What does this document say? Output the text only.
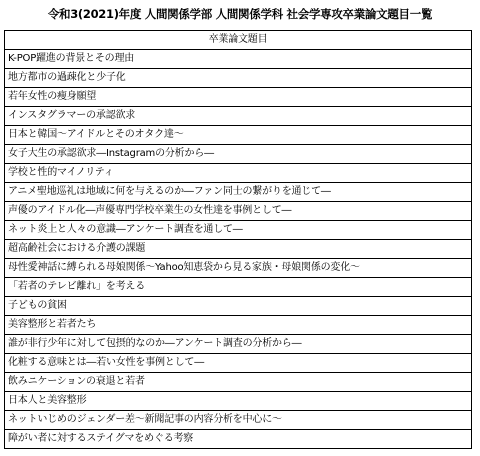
令和3(2021)年度 人間関係学部 人間関係学科 社会学専攻卒業論文題目一覧
卒業論文題目
K-POP躍進の背景とその理由
地方都市の過疎化と少子化
若年女性の痩身願望
インスタグラマーの承認欲求
日本と韓国～アイドルとそのオタク達～
女子大生の承認欲求―Instagramの分析から―
学校と性的マイノリティ
アニメ聖地巡礼は地域に何を与えるのか―ファン同士の繋がりを通じて―
声優のアイドル化―声優専門学校卒業生の女性達を事例として―
ネット炎上と人々の意識―アンケート調査を通して―
超高齢社会における介護の課題
母性愛神話に縛られる母娘関係～Yahoo知恵袋から見る家族・母娘関係の変化～
「若者のテレビ離れ」を考える
子どもの貧困
美容整形と若者たち
誰が非行少年に対して包摂的なのか―アンケート調査の分析から―
化粧する意味とは―若い女性を事例として―
飲みニケーションの衰退と若者
日本人と美容整形
ネットいじめのジェンダー差～新聞記事の内容分析を中心に～
障がい者に対するステイグマをめぐる考察
